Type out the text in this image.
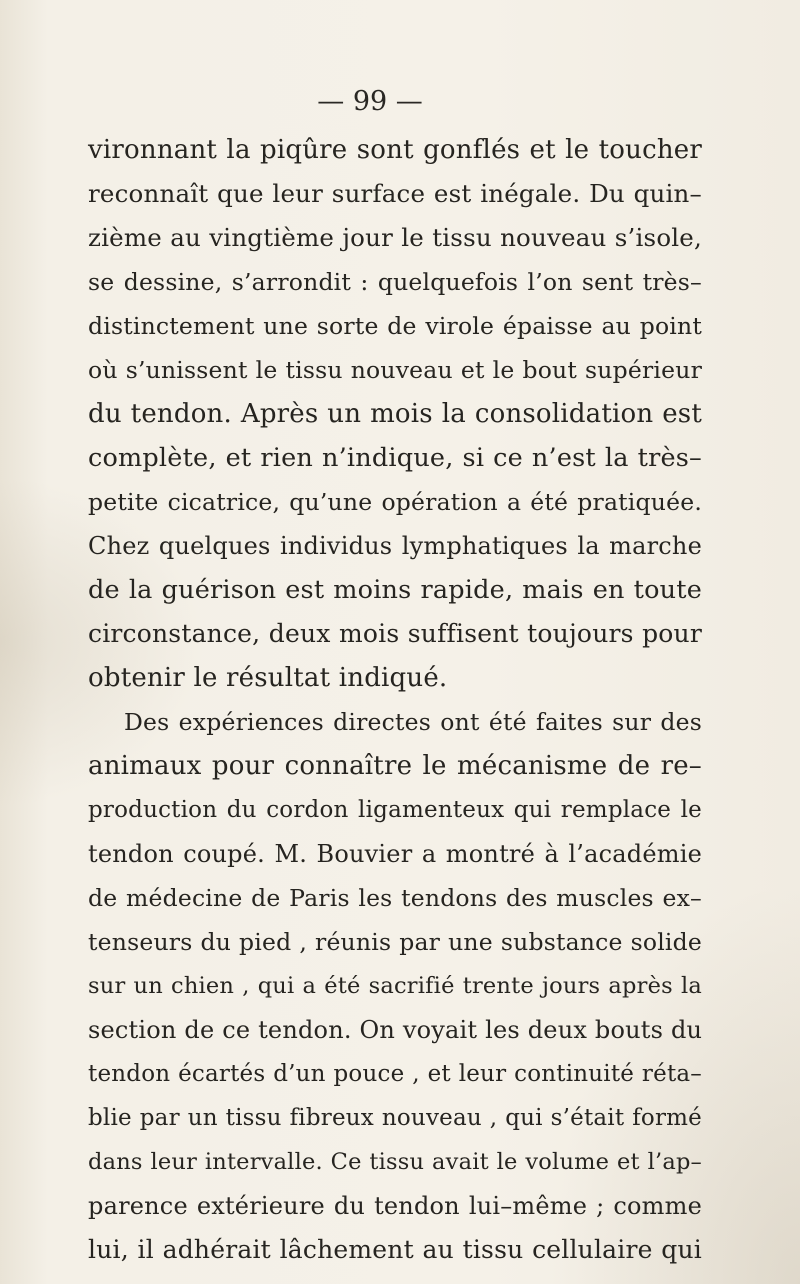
— 99 —
vironnant la piqûre sont gonflés et le toucher
reconnaît que leur surface est inégale. Du quin–
zième au vingtième jour le tissu nouveau s’isole,
se dessine, s’arrondit : quelquefois l’on sent très–
distinctement une sorte de virole épaisse au point
où s’unissent le tissu nouveau et le bout supérieur
du tendon. Après un mois la consolidation est
complète, et rien n’indique, si ce n’est la très–
petite cicatrice, qu’une opération a été pratiquée.
Chez quelques individus lymphatiques la marche
de la guérison est moins rapide, mais en toute
circonstance, deux mois suffisent toujours pour
obtenir le résultat indiqué.
Des expériences directes ont été faites sur des
animaux pour connaître le mécanisme de re–
production du cordon ligamenteux qui remplace le
tendon coupé. M. Bouvier a montré à l’académie
de médecine de Paris les tendons des muscles ex–
tenseurs du pied , réunis par une substance solide
sur un chien , qui a été sacrifié trente jours après la
section de ce tendon. On voyait les deux bouts du
tendon écartés d’un pouce , et leur continuité réta–
blie par un tissu fibreux nouveau , qui s’était formé
dans leur intervalle. Ce tissu avait le volume et l’ap–
parence extérieure du tendon lui–même ; comme
lui, il adhérait lâchement au tissu cellulaire qui
